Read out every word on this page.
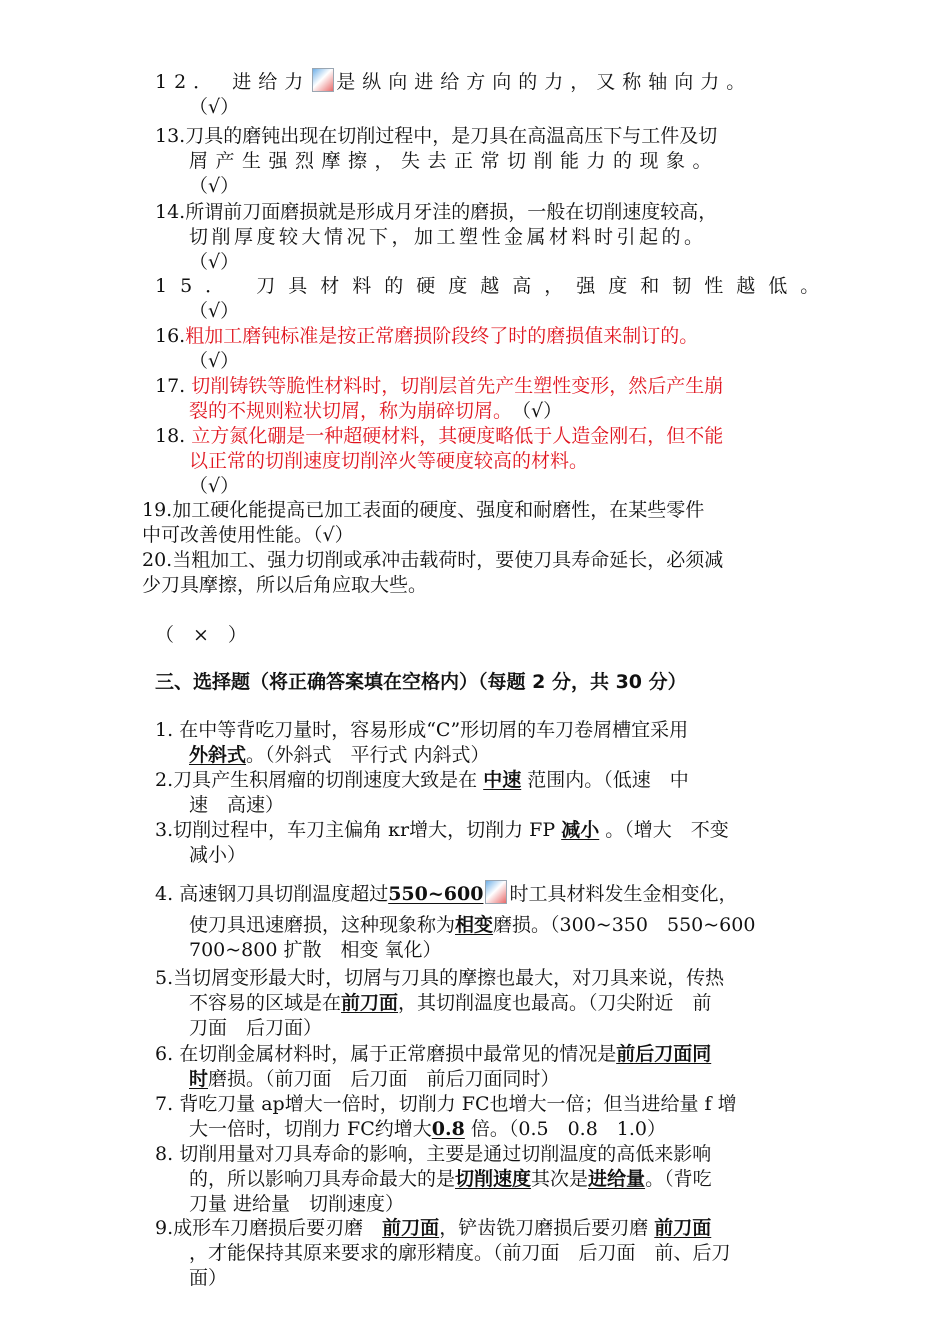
12． 进给力 是纵向进给方向的力，又称轴向力。
（√）
13.刀具的磨钝出现在切削过程中，是刀具在高温高压下与工件及切
屑产生强烈摩擦，失去正常切削能力的现象。
（√）
14.所谓前刀面磨损就是形成月牙洼的磨损，一般在切削速度较高，
切削厚度较大情况下，加工塑性金属材料时引起的。
（√）
15． 刀具材料的硬度越高，强度和韧性越低。
（√）
16.粗加工磨钝标准是按正常磨损阶段终了时的磨损值来制订的。
（√）
17. 切削铸铁等脆性材料时，切削层首先产生塑性变形，然后产生崩
裂的不规则粒状切屑，称为崩碎切屑。　 （√）
18. 立方氮化硼是一种超硬材料，其硬度略低于人造金刚石，但不能
以正常的切削速度切削淬火等硬度较高的材料。
（√）
19.加工硬化能提高已加工表面的硬度、强度和耐磨性，在某些零件
中可改善使用性能。（√）
20.当粗加工、强力切削或承冲击载荷时，要使刀具寿命延长，必须减
少刀具摩擦，所以后角应取大些。
（　×　）
三、选择题（将正确答案填在空格内）（每题 2 分，共 30 分）
1. 在中等背吃刀量时，容易形成“C”形切屑的车刀卷屑槽宜采用
外斜式。（外斜式　平行式 内斜式）
2.刀具产生积屑瘤的切削速度大致是在 中速 范围内。（低速　中
速　高速）
3.切削过程中，车刀主偏角 κr增大，切削力 FP 减小 。（增大　不变
减小）
4. 高速钢刀具切削温度超过550~600 时工具材料发生金相变化，
使刀具迅速磨损，这种现象称为相变磨损。（300~350　550~600
700~800 扩散　相变 氧化）
5.当切屑变形最大时，切屑与刀具的摩擦也最大，对刀具来说，传热
不容易的区域是在前刀面，其切削温度也最高。（刀尖附近　前
刀面　后刀面）
6. 在切削金属材料时，属于正常磨损中最常见的情况是前后刀面同
时磨损。（前刀面　后刀面　前后刀面同时）
7. 背吃刀量 ap增大一倍时，切削力 FC也增大一倍；但当进给量 f 增
大一倍时，切削力 FC约增大0.8 倍。（0.5　0.8　1.0）
8. 切削用量对刀具寿命的影响，主要是通过切削温度的高低来影响
的，所以影响刀具寿命最大的是切削速度其次是进给量。（背吃
刀量 进给量　切削速度）
9.成形车刀磨损后要刃磨　 前刀面，铲齿铣刀磨损后要刃磨 前刀面
，才能保持其原来要求的廓形精度。（前刀面　后刀面　前、后刀
面）
